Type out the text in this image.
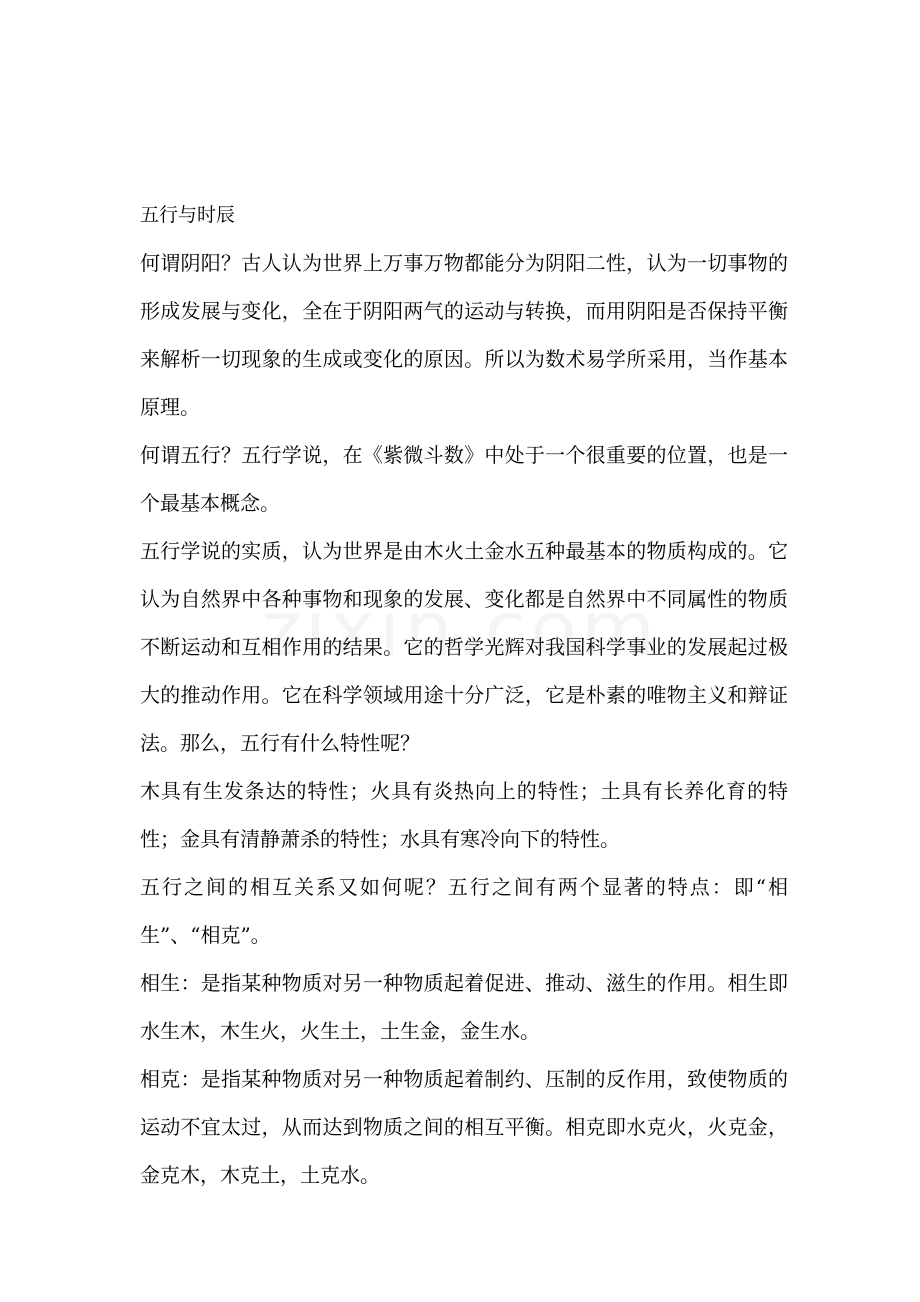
五行与时辰

何谓阴阳？古人认为世界上万事万物都能分为阴阳二性，认为一切事物的形成发展与变化，全在于阴阳两气的运动与转换，而用阴阳是否保持平衡来解析一切现象的生成或变化的原因。所以为数术易学所采用，当作基本原理。

何谓五行？五行学说，在《紫微斗数》中处于一个很重要的位置，也是一个最基本概念。

五行学说的实质，认为世界是由木火土金水五种最基本的物质构成的。它认为自然界中各种事物和现象的发展、变化都是自然界中不同属性的物质不断运动和互相作用的结果。它的哲学光辉对我国科学事业的发展起过极大的推动作用。它在科学领域用途十分广泛，它是朴素的唯物主义和辩证法。那么，五行有什么特性呢？

木具有生发条达的特性；火具有炎热向上的特性；土具有长养化育的特性；金具有清静萧杀的特性；水具有寒冷向下的特性。

五行之间的相互关系又如何呢？五行之间有两个显著的特点：即“相生”、“相克”。

相生：是指某种物质对另一种物质起着促进、推动、滋生的作用。相生即水生木，木生火，火生土，土生金，金生水。

相克：是指某种物质对另一种物质起着制约、压制的反作用，致使物质的运动不宜太过，从而达到物质之间的相互平衡。相克即水克火，火克金，金克木，木克土，土克水。
